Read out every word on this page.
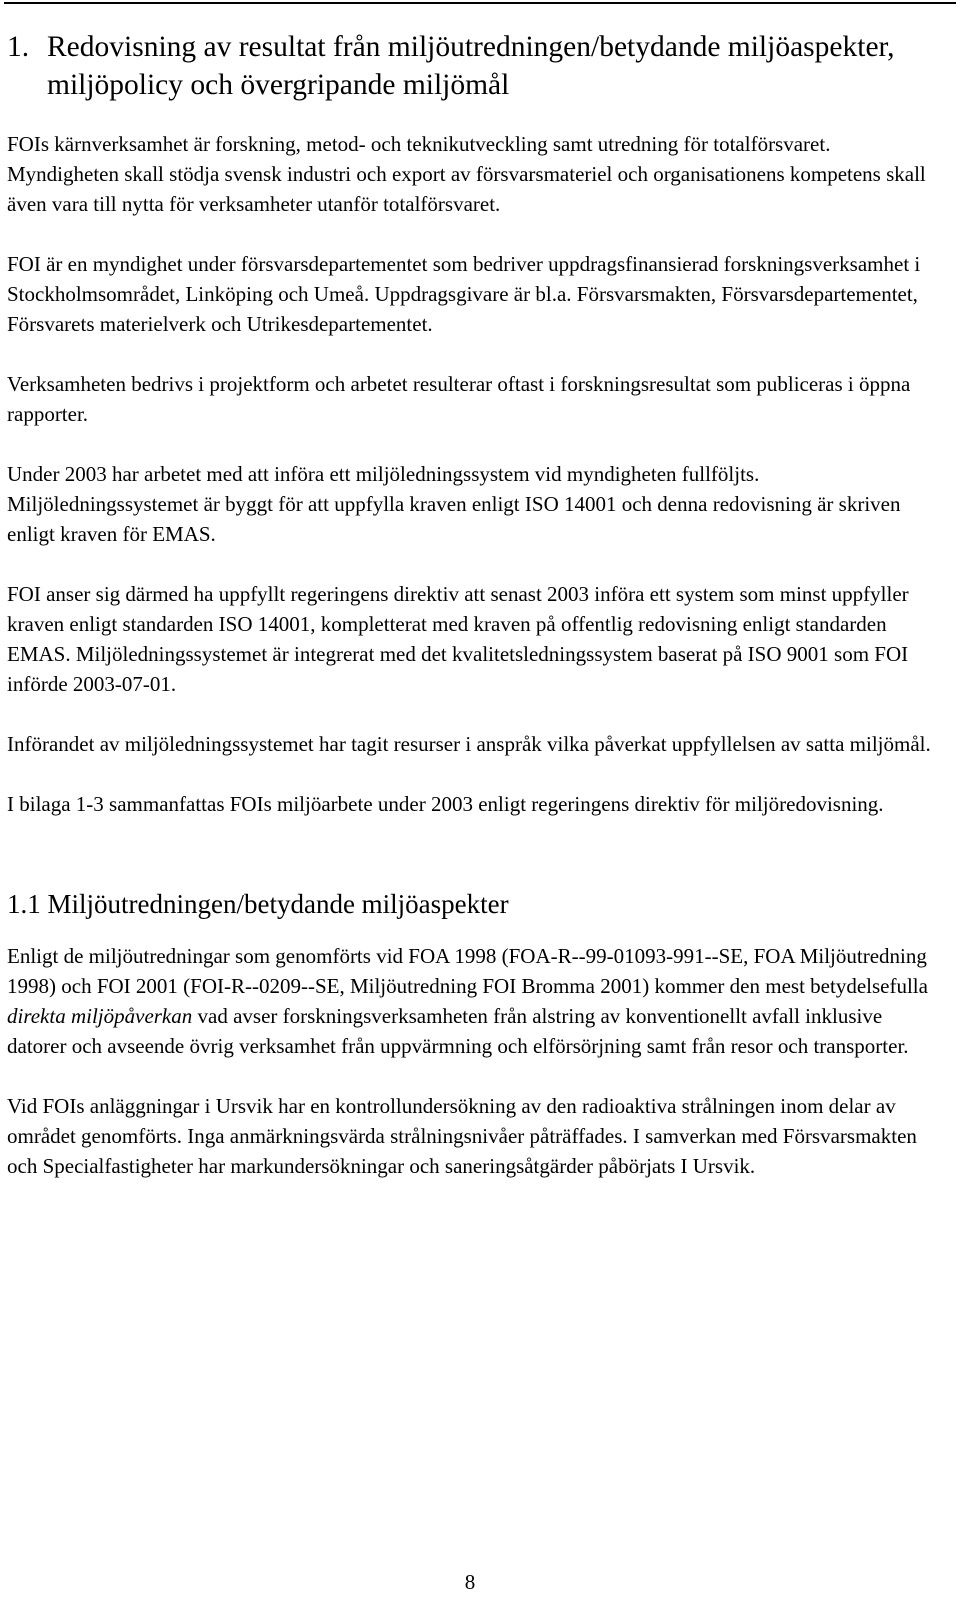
1. Redovisning av resultat från miljöutredningen/betydande miljöaspekter, miljöpolicy och övergripande miljömål

FOIs kärnverksamhet är forskning, metod- och teknikutveckling samt utredning för totalförsvaret. Myndigheten skall stödja svensk industri och export av försvarsmateriel och organisationens kompetens skall även vara till nytta för verksamheter utanför totalförsvaret.

FOI är en myndighet under försvarsdepartementet som bedriver uppdragsfinansierad forskningsverksamhet i Stockholmsområdet, Linköping och Umeå. Uppdragsgivare är bl.a. Försvarsmakten, Försvarsdepartementet, Försvarets materielverk och Utrikesdepartementet.

Verksamheten bedrivs i projektform och arbetet resulterar oftast i forskningsresultat som publiceras i öppna rapporter.

Under 2003 har arbetet med att införa ett miljöledningssystem vid myndigheten fullföljts. Miljöledningssystemet är byggt för att uppfylla kraven enligt ISO 14001 och denna redovisning är skriven enligt kraven för EMAS.

FOI anser sig därmed ha uppfyllt regeringens direktiv att senast 2003 införa ett system som minst uppfyller kraven enligt standarden ISO 14001, kompletterat med kraven på offentlig redovisning enligt standarden EMAS. Miljöledningssystemet är integrerat med det kvalitetsledningssystem baserat på ISO 9001 som FOI införde 2003-07-01.

Införandet av miljöledningssystemet har tagit resurser i anspråk vilka påverkat uppfyllelsen av satta miljömål.

I bilaga 1-3 sammanfattas FOIs miljöarbete under 2003 enligt regeringens direktiv för miljöredovisning.

1.1 Miljöutredningen/betydande miljöaspekter

Enligt de miljöutredningar som genomförts vid FOA 1998 (FOA-R--99-01093-991--SE, FOA Miljöutredning 1998) och FOI 2001 (FOI-R--0209--SE, Miljöutredning FOI Bromma 2001) kommer den mest betydelsefulla direkta miljöpåverkan vad avser forskningsverksamheten från alstring av konventionellt avfall inklusive datorer och avseende övrig verksamhet från uppvärmning och elförsörjning samt från resor och transporter.

Vid FOIs anläggningar i Ursvik har en kontrollundersökning av den radioaktiva strålningen inom delar av området genomförts. Inga anmärkningsvärda strålningsnivåer påträffades. I samverkan med Försvarsmakten och Specialfastigheter har markundersökningar och saneringsåtgärder påbörjats I Ursvik.

8
